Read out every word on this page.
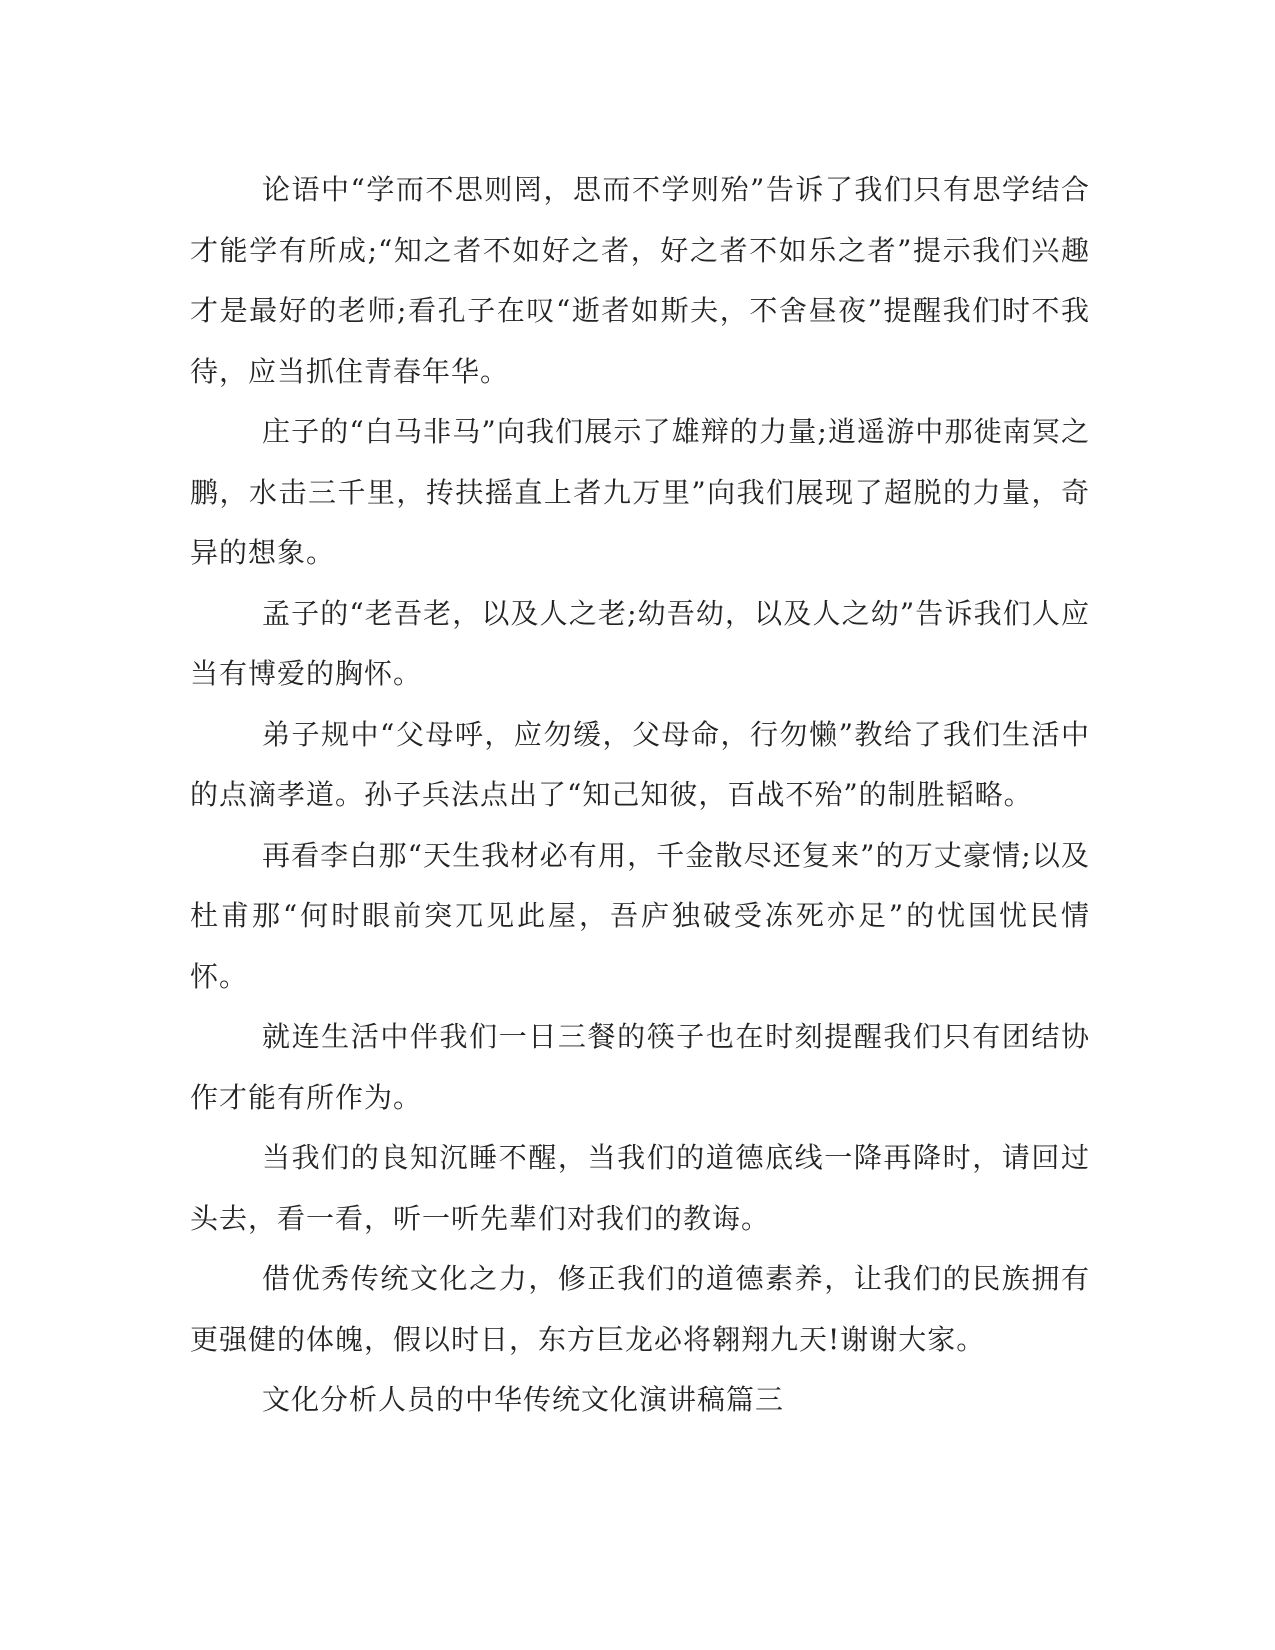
论语中“学而不思则罔，思而不学则殆”告诉了我们只有思学结合才能学有所成;“知之者不如好之者，好之者不如乐之者”提示我们兴趣才是最好的老师;看孔子在叹“逝者如斯夫，不舍昼夜”提醒我们时不我待，应当抓住青春年华。

庄子的“白马非马”向我们展示了雄辩的力量;逍遥游中那徙南冥之鹏，水击三千里，抟扶摇直上者九万里”向我们展现了超脱的力量，奇异的想象。

孟子的“老吾老，以及人之老;幼吾幼，以及人之幼”告诉我们人应当有博爱的胸怀。

弟子规中“父母呼，应勿缓，父母命，行勿懒”教给了我们生活中的点滴孝道。孙子兵法点出了“知己知彼，百战不殆”的制胜韬略。

再看李白那“天生我材必有用，千金散尽还复来”的万丈豪情;以及杜甫那“何时眼前突兀见此屋，吾庐独破受冻死亦足”的忧国忧民情怀。

就连生活中伴我们一日三餐的筷子也在时刻提醒我们只有团结协作才能有所作为。

当我们的良知沉睡不醒，当我们的道德底线一降再降时，请回过头去，看一看，听一听先辈们对我们的教诲。

借优秀传统文化之力，修正我们的道德素养，让我们的民族拥有更强健的体魄，假以时日，东方巨龙必将翱翔九天!谢谢大家。

文化分析人员的中华传统文化演讲稿篇三
